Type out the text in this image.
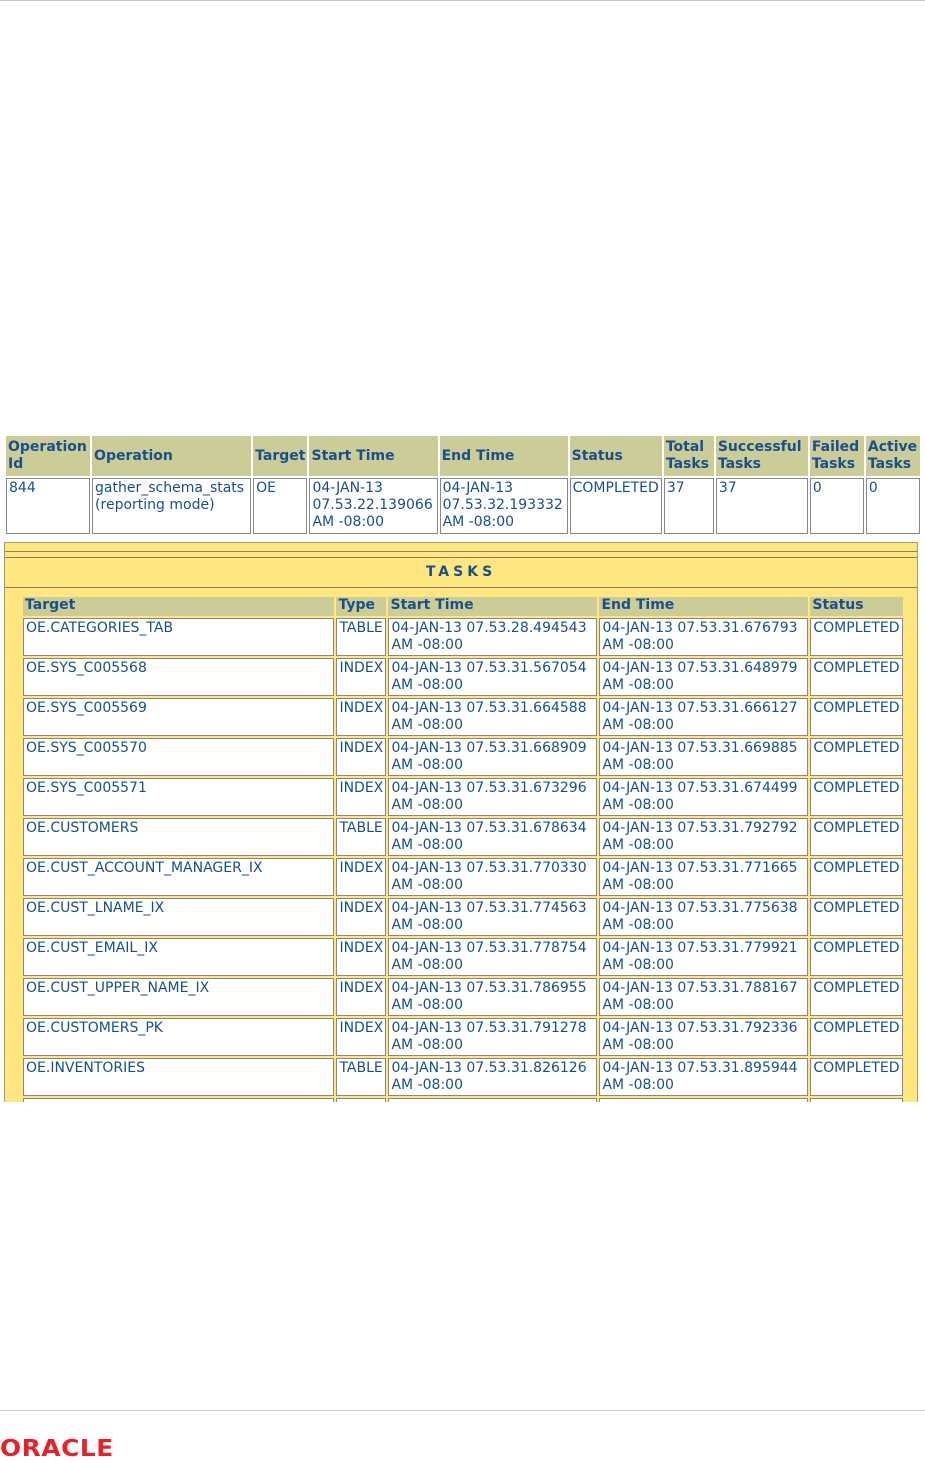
Operation Id	Operation	Target	Start Time	End Time	Status	Total Tasks	Successful Tasks	Failed Tasks	Active Tasks
844	gather_schema_stats (reporting mode)	OE	04-JAN-13 07.53.22.139066 AM -08:00	04-JAN-13 07.53.32.193332 AM -08:00	COMPLETED	37	37	0	0
TASKS
Target	Type	Start Time	End Time	Status
OE.CATEGORIES_TAB	TABLE	04-JAN-13 07.53.28.494543 AM -08:00	04-JAN-13 07.53.31.676793 AM -08:00	COMPLETED
OE.SYS_C005568	INDEX	04-JAN-13 07.53.31.567054 AM -08:00	04-JAN-13 07.53.31.648979 AM -08:00	COMPLETED
OE.SYS_C005569	INDEX	04-JAN-13 07.53.31.664588 AM -08:00	04-JAN-13 07.53.31.666127 AM -08:00	COMPLETED
OE.SYS_C005570	INDEX	04-JAN-13 07.53.31.668909 AM -08:00	04-JAN-13 07.53.31.669885 AM -08:00	COMPLETED
OE.SYS_C005571	INDEX	04-JAN-13 07.53.31.673296 AM -08:00	04-JAN-13 07.53.31.674499 AM -08:00	COMPLETED
OE.CUSTOMERS	TABLE	04-JAN-13 07.53.31.678634 AM -08:00	04-JAN-13 07.53.31.792792 AM -08:00	COMPLETED
OE.CUST_ACCOUNT_MANAGER_IX	INDEX	04-JAN-13 07.53.31.770330 AM -08:00	04-JAN-13 07.53.31.771665 AM -08:00	COMPLETED
OE.CUST_LNAME_IX	INDEX	04-JAN-13 07.53.31.774563 AM -08:00	04-JAN-13 07.53.31.775638 AM -08:00	COMPLETED
OE.CUST_EMAIL_IX	INDEX	04-JAN-13 07.53.31.778754 AM -08:00	04-JAN-13 07.53.31.779921 AM -08:00	COMPLETED
OE.CUST_UPPER_NAME_IX	INDEX	04-JAN-13 07.53.31.786955 AM -08:00	04-JAN-13 07.53.31.788167 AM -08:00	COMPLETED
OE.CUSTOMERS_PK	INDEX	04-JAN-13 07.53.31.791278 AM -08:00	04-JAN-13 07.53.31.792336 AM -08:00	COMPLETED
OE.INVENTORIES	TABLE	04-JAN-13 07.53.31.826126 AM -08:00	04-JAN-13 07.53.31.895944 AM -08:00	COMPLETED

ORACLE
